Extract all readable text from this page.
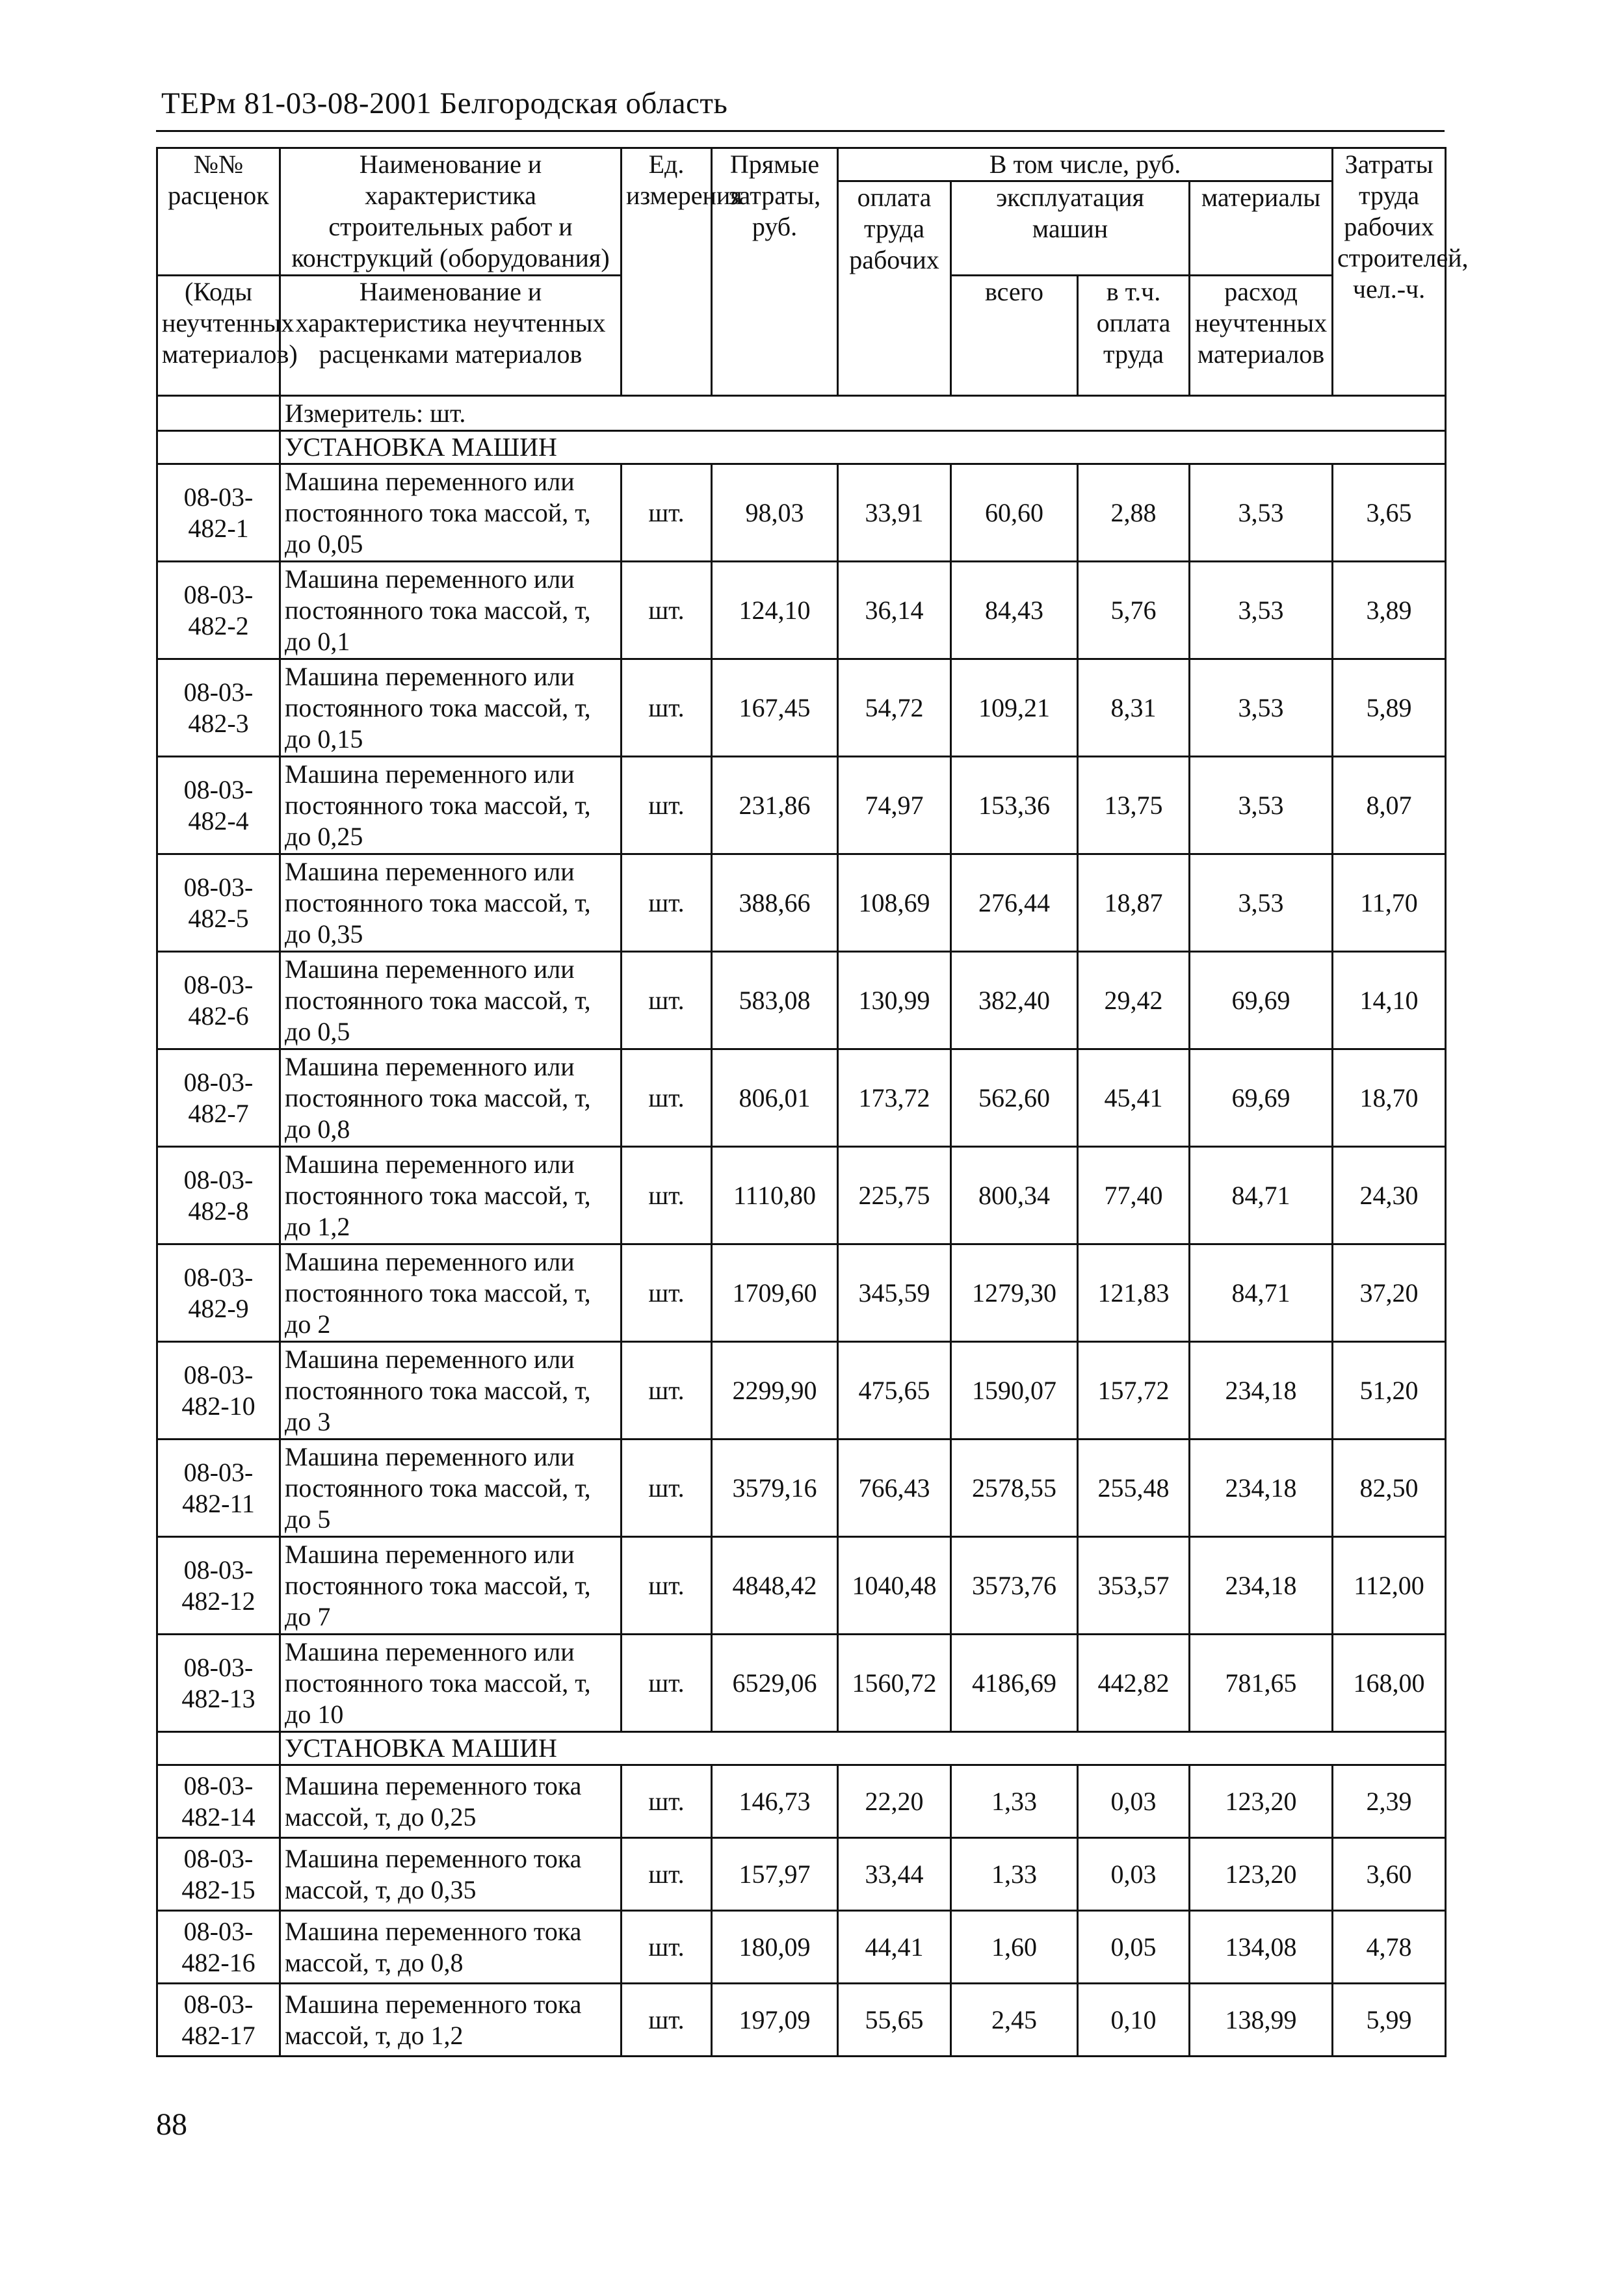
ТЕРм 81-03-08-2001 Белгородская область
№№ расценок	Наименование и характеристика строительных работ и конструкций (оборудования)	Ед. измерения	Прямые затраты, руб.	В том числе, руб.				Затраты труда рабочих строителей, чел.-ч.
				оплата труда рабочих	эксплуатация машин		материалы	
(Коды неучтенных материалов)	Наименование и характеристика неучтенных расценками материалов				всего	в т.ч. оплата труда	расход неучтенных материалов	

	Измеритель: шт.							
	УСТАНОВКА МАШИН							
08-03-482-1	Машина переменного или постоянного тока массой, т, до 0,05	шт.	98,03	33,91	60,60	2,88	3,53	3,65
08-03-482-2	Машина переменного или постоянного тока массой, т, до 0,1	шт.	124,10	36,14	84,43	5,76	3,53	3,89
08-03-482-3	Машина переменного или постоянного тока массой, т, до 0,15	шт.	167,45	54,72	109,21	8,31	3,53	5,89
08-03-482-4	Машина переменного или постоянного тока массой, т, до 0,25	шт.	231,86	74,97	153,36	13,75	3,53	8,07
08-03-482-5	Машина переменного или постоянного тока массой, т, до 0,35	шт.	388,66	108,69	276,44	18,87	3,53	11,70
08-03-482-6	Машина переменного или постоянного тока массой, т, до 0,5	шт.	583,08	130,99	382,40	29,42	69,69	14,10
08-03-482-7	Машина переменного или постоянного тока массой, т, до 0,8	шт.	806,01	173,72	562,60	45,41	69,69	18,70
08-03-482-8	Машина переменного или постоянного тока массой, т, до 1,2	шт.	1110,80	225,75	800,34	77,40	84,71	24,30
08-03-482-9	Машина переменного или постоянного тока массой, т, до 2	шт.	1709,60	345,59	1279,30	121,83	84,71	37,20
08-03-482-10	Машина переменного или постоянного тока массой, т, до 3	шт.	2299,90	475,65	1590,07	157,72	234,18	51,20
08-03-482-11	Машина переменного или постоянного тока массой, т, до 5	шт.	3579,16	766,43	2578,55	255,48	234,18	82,50
08-03-482-12	Машина переменного или постоянного тока массой, т, до 7	шт.	4848,42	1040,48	3573,76	353,57	234,18	112,00
08-03-482-13	Машина переменного или постоянного тока массой, т, до 10	шт.	6529,06	1560,72	4186,69	442,82	781,65	168,00
	УСТАНОВКА МАШИН							
08-03-482-14	Машина переменного тока массой, т, до 0,25	шт.	146,73	22,20	1,33	0,03	123,20	2,39
08-03-482-15	Машина переменного тока массой, т, до 0,35	шт.	157,97	33,44	1,33	0,03	123,20	3,60
08-03-482-16	Машина переменного тока массой, т, до 0,8	шт.	180,09	44,41	1,60	0,05	134,08	4,78
08-03-482-17	Машина переменного тока массой, т, до 1,2	шт.	197,09	55,65	2,45	0,10	138,99	5,99
88
